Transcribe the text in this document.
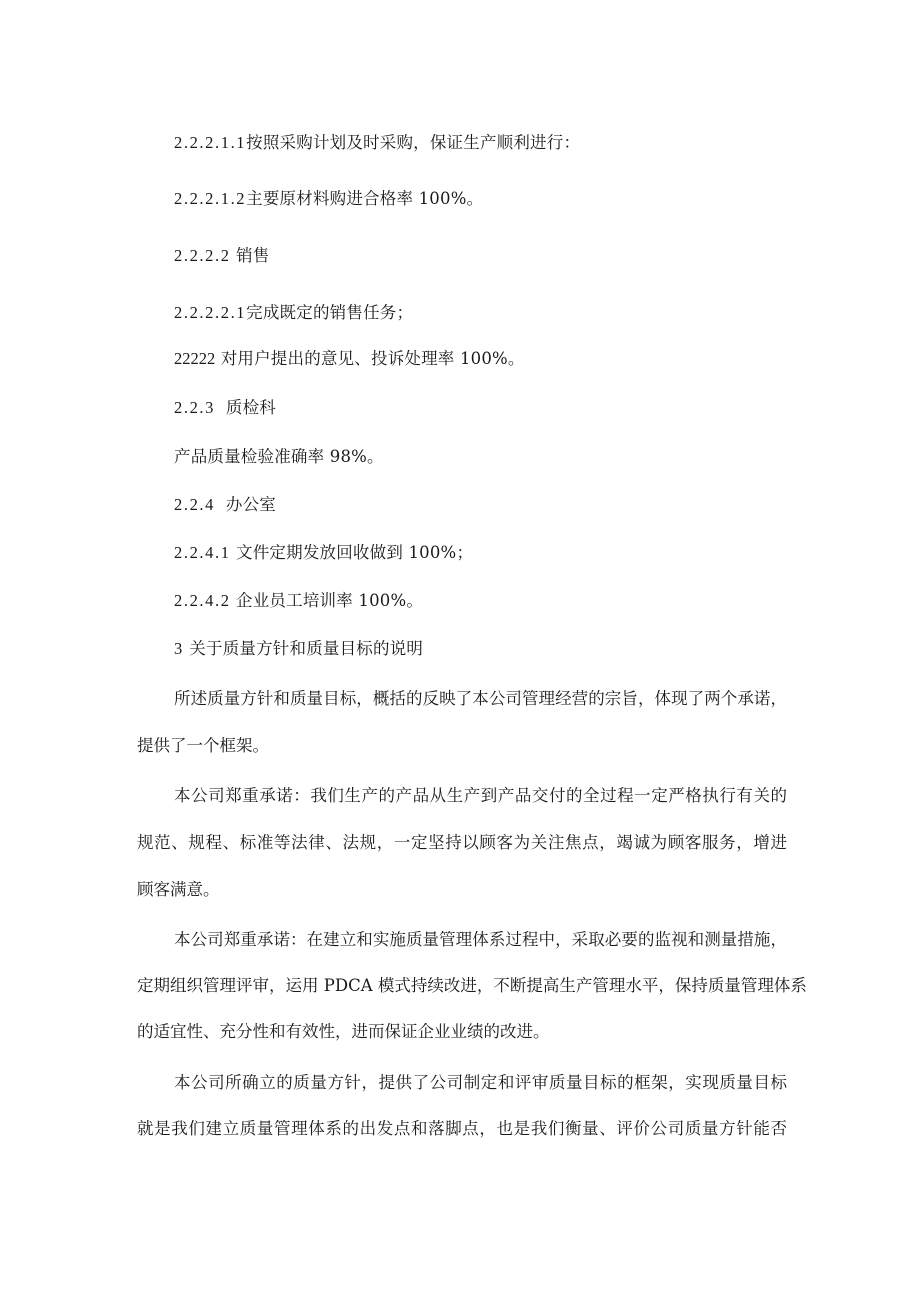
2.2.2.1.1按照采购计划及时采购，保证生产顺利进行：
2.2.2.1.2主要原材料购进合格率 100%。
2.2.2.2 销售
2.2.2.2.1完成既定的销售任务；
22222 对用户提出的意见、投诉处理率 100%。
2.2.3  质检科
产品质量检验准确率 98%。
2.2.4  办公室
2.2.4.1 文件定期发放回收做到 100%；
2.2.4.2 企业员工培训率 100%。
3 关于质量方针和质量目标的说明
所述质量方针和质量目标，概括的反映了本公司管理经营的宗旨，体现了两个承诺，
提供了一个框架。
本公司郑重承诺：我们生产的产品从生产到产品交付的全过程一定严格执行有关的
规范、规程、标准等法律、法规，一定坚持以顾客为关注焦点，竭诚为顾客服务，增进
顾客满意。
本公司郑重承诺：在建立和实施质量管理体系过程中，采取必要的监视和测量措施，
定期组织管理评审，运用 PDCA 模式持续改进，不断提高生产管理水平，保持质量管理体系
的适宜性、充分性和有效性，进而保证企业业绩的改进。
本公司所确立的质量方针，提供了公司制定和评审质量目标的框架，实现质量目标
就是我们建立质量管理体系的出发点和落脚点，也是我们衡量、评价公司质量方针能否
